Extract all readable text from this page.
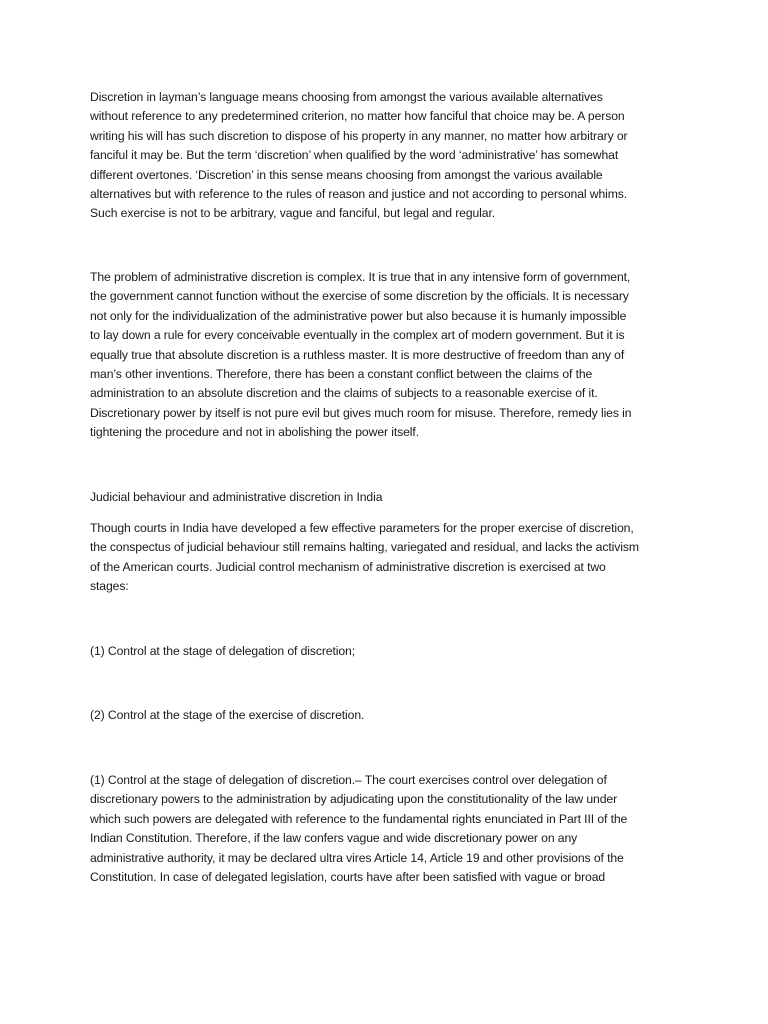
Discretion in layman’s language means choosing from amongst the various available alternatives
without reference to any predetermined criterion, no matter how fanciful that choice may be. A person
writing his will has such discretion to dispose of his property in any manner, no matter how arbitrary or
fanciful it may be. But the term ‘discretion’ when qualified by the word ‘administrative’ has somewhat
different overtones. ‘Discretion’ in this sense means choosing from amongst the various available
alternatives but with reference to the rules of reason and justice and not according to personal whims.
Such exercise is not to be arbitrary, vague and fanciful, but legal and regular.

The problem of administrative discretion is complex. It is true that in any intensive form of government,
the government cannot function without the exercise of some discretion by the officials. It is necessary
not only for the individualization of the administrative power but also because it is humanly impossible
to lay down a rule for every conceivable eventually in the complex art of modern government. But it is
equally true that absolute discretion is a ruthless master. It is more destructive of freedom than any of
man’s other inventions. Therefore, there has been a constant conflict between the claims of the
administration to an absolute discretion and the claims of subjects to a reasonable exercise of it.
Discretionary power by itself is not pure evil but gives much room for misuse. Therefore, remedy lies in
tightening the procedure and not in abolishing the power itself.

Judicial behaviour and administrative discretion in India

Though courts in India have developed a few effective parameters for the proper exercise of discretion,
the conspectus of judicial behaviour still remains halting, variegated and residual, and lacks the activism
of the American courts. Judicial control mechanism of administrative discretion is exercised at two
stages:

(1) Control at the stage of delegation of discretion;

(2) Control at the stage of the exercise of discretion.

(1) Control at the stage of delegation of discretion.– The court exercises control over delegation of
discretionary powers to the administration by adjudicating upon the constitutionality of the law under
which such powers are delegated with reference to the fundamental rights enunciated in Part III of the
Indian Constitution. Therefore, if the law confers vague and wide discretionary power on any
administrative authority, it may be declared ultra vires Article 14, Article 19 and other provisions of the
Constitution. In case of delegated legislation, courts have after been satisfied with vague or broad
